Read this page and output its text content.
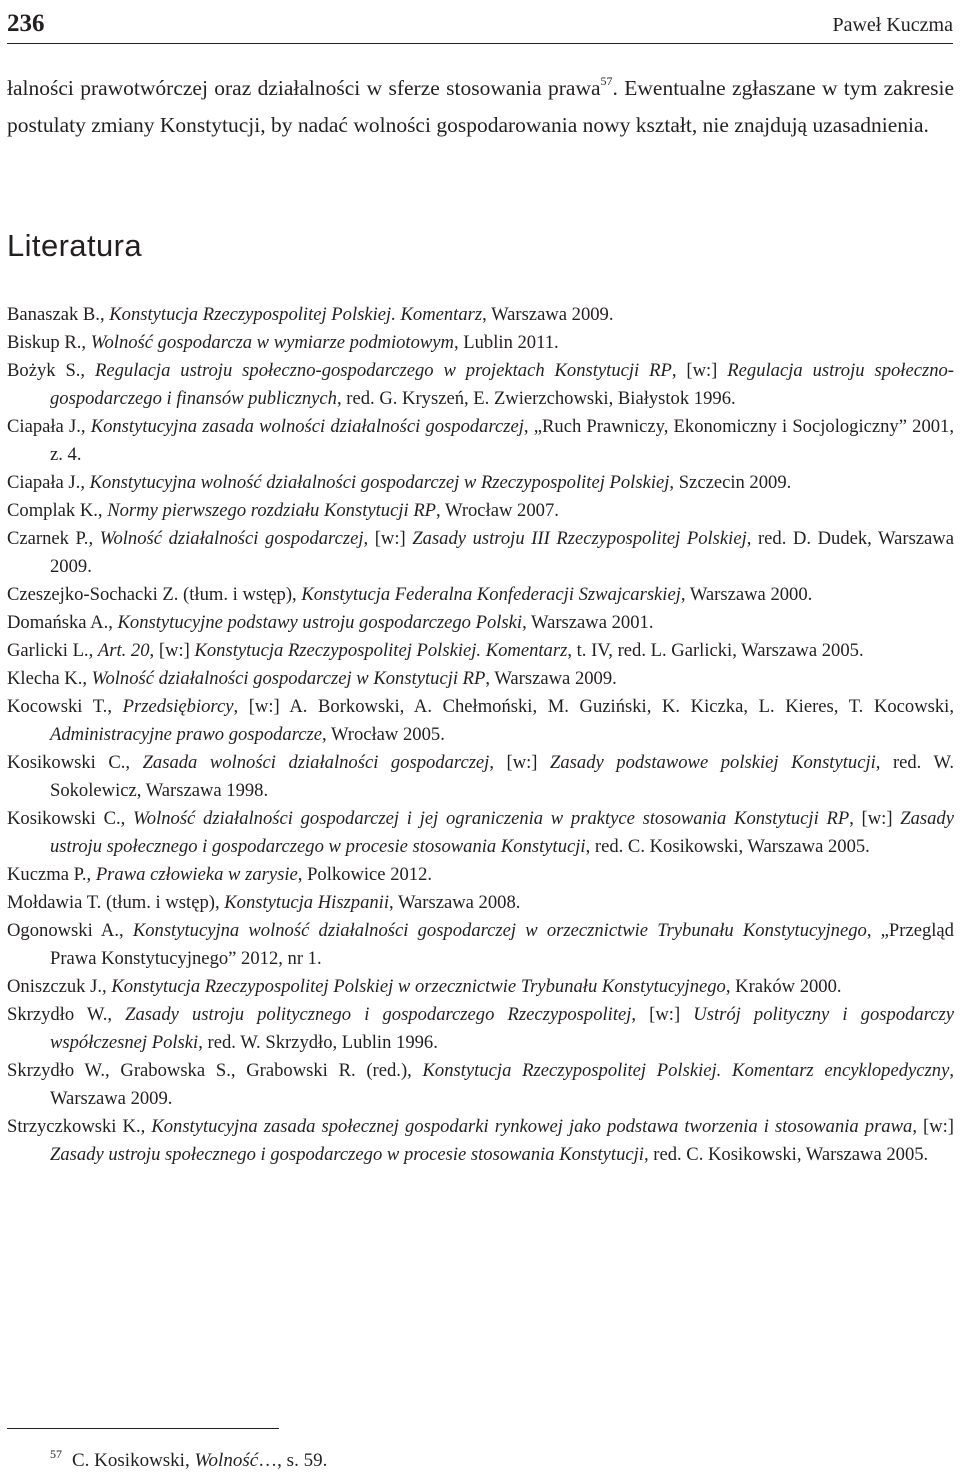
236	Paweł Kuczma

łalności prawotwórczej oraz działalności w sferze stosowania prawa$^{57}$. Ewentualne zgłaszane w tym zakresie postulaty zmiany Konstytucji, by nadać wolności gospodarowania nowy kształt, nie znajdują uzasadnienia.

Literatura
Banaszak B., Konstytucja Rzeczypospolitej Polskiej. Komentarz, Warszawa 2009.
Biskup R., Wolność gospodarcza w wymiarze podmiotowym, Lublin 2011.
Bożyk S., Regulacja ustroju społeczno-gospodarczego w projektach Konstytucji RP, [w:] Regulacja ustroju społeczno-gospodarczego i finansów publicznych, red. G. Kryszeń, E. Zwierzchowski, Białystok 1996.
Ciapała J., Konstytucyjna zasada wolności działalności gospodarczej, „Ruch Prawniczy, Ekonomiczny i Socjologiczny” 2001, z. 4.
Ciapała J., Konstytucyjna wolność działalności gospodarczej w Rzeczypospolitej Polskiej, Szczecin 2009.
Complak K., Normy pierwszego rozdziału Konstytucji RP, Wrocław 2007.
Czarnek P., Wolność działalności gospodarczej, [w:] Zasady ustroju III Rzeczypospolitej Polskiej, red. D. Dudek, Warszawa 2009.
Czeszejko-Sochacki Z. (tłum. i wstęp), Konstytucja Federalna Konfederacji Szwajcarskiej, Warszawa 2000.
Domańska A., Konstytucyjne podstawy ustroju gospodarczego Polski, Warszawa 2001.
Garlicki L., Art. 20, [w:] Konstytucja Rzeczypospolitej Polskiej. Komentarz, t. IV, red. L. Garlicki, Warszawa 2005.
Klecha K., Wolność działalności gospodarczej w Konstytucji RP, Warszawa 2009.
Kocowski T., Przedsiębiorcy, [w:] A. Borkowski, A. Chełmoński, M. Guziński, K. Kiczka, L. Kieres, T. Kocowski, Administracyjne prawo gospodarcze, Wrocław 2005.
Kosikowski C., Zasada wolności działalności gospodarczej, [w:] Zasady podstawowe polskiej Konstytucji, red. W. Sokolewicz, Warszawa 1998.
Kosikowski C., Wolność działalności gospodarczej i jej ograniczenia w praktyce stosowania Konstytucji RP, [w:] Zasady ustroju społecznego i gospodarczego w procesie stosowania Konstytucji, red. C. Kosikowski, Warszawa 2005.
Kuczma P., Prawa człowieka w zarysie, Polkowice 2012.
Mołdawia T. (tłum. i wstęp), Konstytucja Hiszpanii, Warszawa 2008.
Ogonowski A., Konstytucyjna wolność działalności gospodarczej w orzecznictwie Trybunału Konstytucyjnego, „Przegląd Prawa Konstytucyjnego” 2012, nr 1.
Oniszczuk J., Konstytucja Rzeczypospolitej Polskiej w orzecznictwie Trybunału Konstytucyjnego, Kraków 2000.
Skrzydło W., Zasady ustroju politycznego i gospodarczego Rzeczypospolitej, [w:] Ustrój polityczny i gospodarczy współczesnej Polski, red. W. Skrzydło, Lublin 1996.
Skrzydło W., Grabowska S., Grabowski R. (red.), Konstytucja Rzeczypospolitej Polskiej. Komentarz encyklopedyczny, Warszawa 2009.
Strzyczkowski K., Konstytucyjna zasada społecznej gospodarki rynkowej jako podstawa tworzenia i stosowania prawa, [w:] Zasady ustroju społecznego i gospodarczego w procesie stosowania Konstytucji, red. C. Kosikowski, Warszawa 2005.

$^{57}$ C. Kosikowski, Wolność…, s. 59.
